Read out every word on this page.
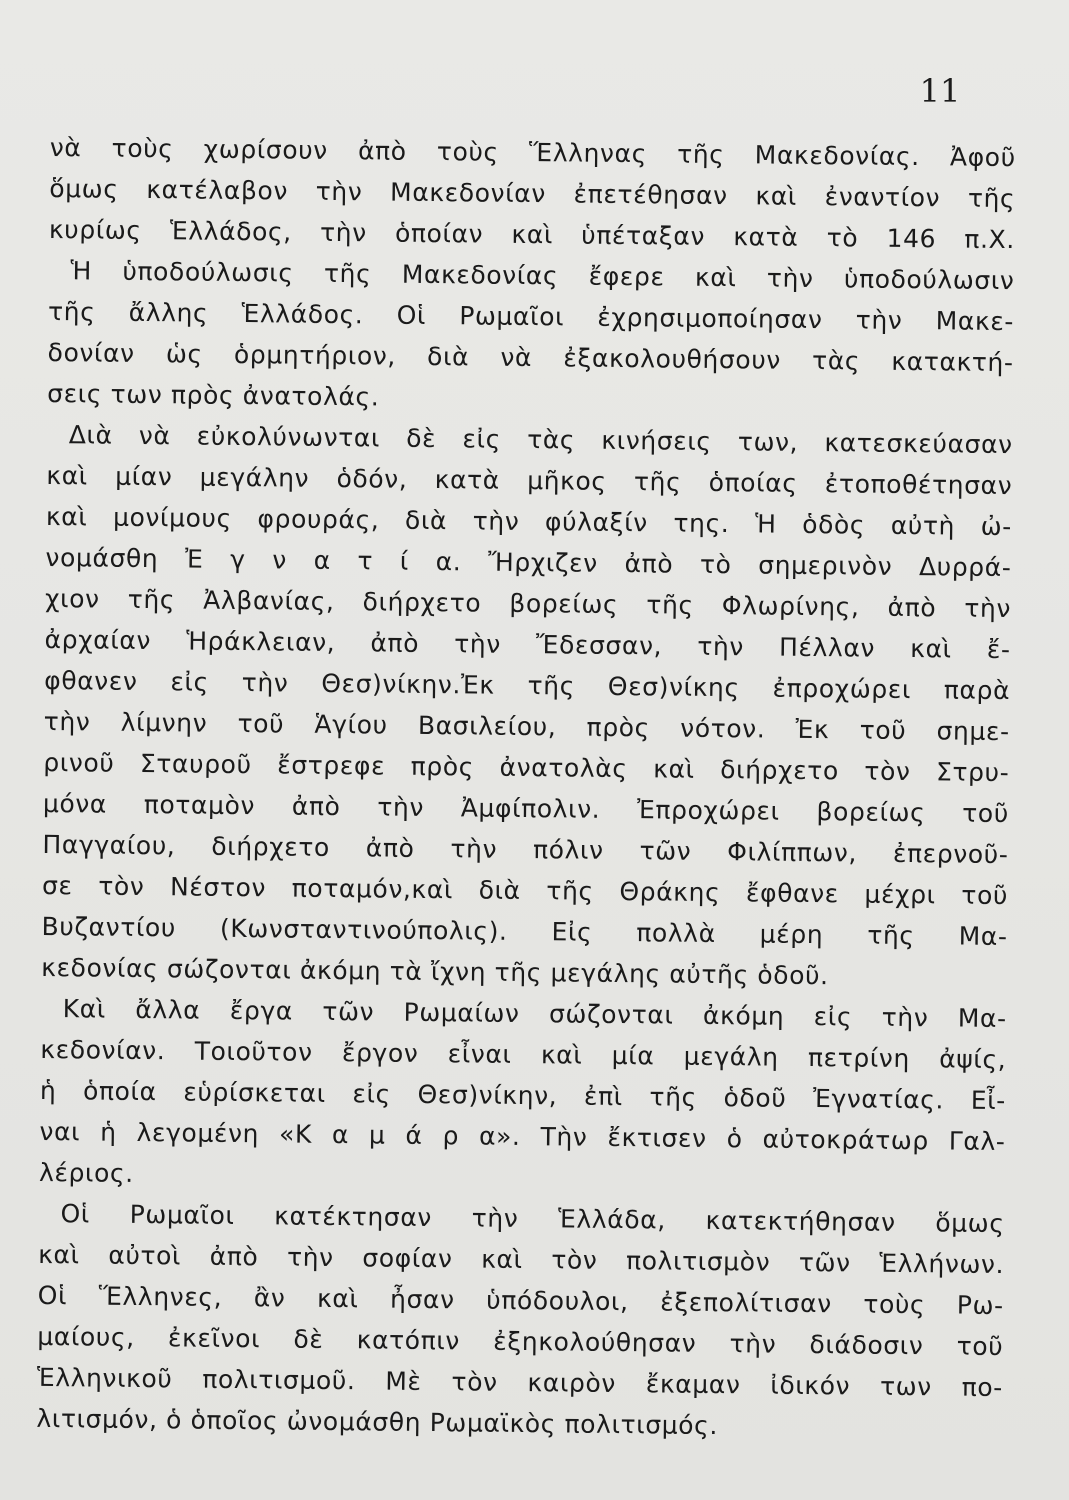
11
νὰ τοὺς χωρίσουν ἀπὸ τοὺς Ἕλληνας τῆς Μακεδονίας. Ἀφοῦ
ὅμως κατέλαβον τὴν Μακεδονίαν ἐπετέθησαν καὶ ἐναντίον τῆς
κυρίως Ἑλλάδος, τὴν ὁποίαν καὶ ὑπέταξαν κατὰ τὸ 146 π.Χ.
Ἡ ὑποδούλωσις τῆς Μακεδονίας ἔφερε καὶ τὴν ὑποδούλωσιν
τῆς ἄλλης Ἑλλάδος. Οἱ Ρωμαῖοι ἐχρησιμοποίησαν τὴν Μακε-
δονίαν ὡς ὁρμητήριον, διὰ νὰ ἐξακολουθήσουν τὰς κατακτή-
σεις των πρὸς ἀνατολάς.
Διὰ νὰ εὐκολύνωνται δὲ εἰς τὰς κινήσεις των, κατεσκεύασαν
καὶ μίαν μεγάλην ὁδόν, κατὰ μῆκος τῆς ὁποίας ἐτοποθέτησαν
καὶ μονίμους φρουράς, διὰ τὴν φύλαξίν της. Ἡ ὁδὸς αὐτὴ ὠ-
νομάσθη Ἐ γ ν α τ ί α. Ἤρχιζεν ἀπὸ τὸ σημερινὸν Δυρρά-
χιον τῆς Ἀλβανίας, διήρχετο βορείως τῆς Φλωρίνης, ἀπὸ τὴν
ἀρχαίαν Ἡράκλειαν, ἀπὸ τὴν Ἔδεσσαν, τὴν Πέλλαν καὶ ἔ-
φθανεν εἰς τὴν Θεσ)νίκην.Ἐκ τῆς Θεσ)νίκης ἐπροχώρει παρὰ
τὴν λίμνην τοῦ Ἁγίου Βασιλείου, πρὸς νότον. Ἐκ τοῦ σημε-
ρινοῦ Σταυροῦ ἔστρεφε πρὸς ἀνατολὰς καὶ διήρχετο τὸν Στρυ-
μόνα ποταμὸν ἀπὸ τὴν Ἀμφίπολιν. Ἐπροχώρει βορείως τοῦ
Παγγαίου, διήρχετο ἀπὸ τὴν πόλιν τῶν Φιλίππων, ἐπερνοῦ-
σε τὸν Νέστον ποταμόν,καὶ διὰ τῆς Θράκης ἔφθανε μέχρι τοῦ
Βυζαντίου (Κωνσταντινούπολις). Εἰς πολλὰ μέρη τῆς Μα-
κεδονίας σώζονται ἀκόμη τὰ ἴχνη τῆς μεγάλης αὐτῆς ὁδοῦ.
Καὶ ἄλλα ἔργα τῶν Ρωμαίων σώζονται ἀκόμη εἰς τὴν Μα-
κεδονίαν. Τοιοῦτον ἔργον εἶναι καὶ μία μεγάλη πετρίνη ἀψίς,
ἡ ὁποία εὑρίσκεται εἰς Θεσ)νίκην, ἐπὶ τῆς ὁδοῦ Ἐγνατίας. Εἶ-
ναι ἡ λεγομένη «Κ α μ ά ρ α». Τὴν ἔκτισεν ὁ αὐτοκράτωρ Γαλ-
λέριος.
Οἱ Ρωμαῖοι κατέκτησαν τὴν Ἑλλάδα, κατεκτήθησαν ὅμως
καὶ αὐτοὶ ἀπὸ τὴν σοφίαν καὶ τὸν πολιτισμὸν τῶν Ἑλλήνων.
Οἱ Ἕλληνες, ἂν καὶ ἦσαν ὑπόδουλοι, ἐξεπολίτισαν τοὺς Ρω-
μαίους, ἐκεῖνοι δὲ κατόπιν ἐξηκολούθησαν τὴν διάδοσιν τοῦ
Ἑλληνικοῦ πολιτισμοῦ. Μὲ τὸν καιρὸν ἔκαμαν ἰδικόν των πο-
λιτισμόν, ὁ ὁποῖος ὠνομάσθη Ρωμαϊκὸς πολιτισμός.
